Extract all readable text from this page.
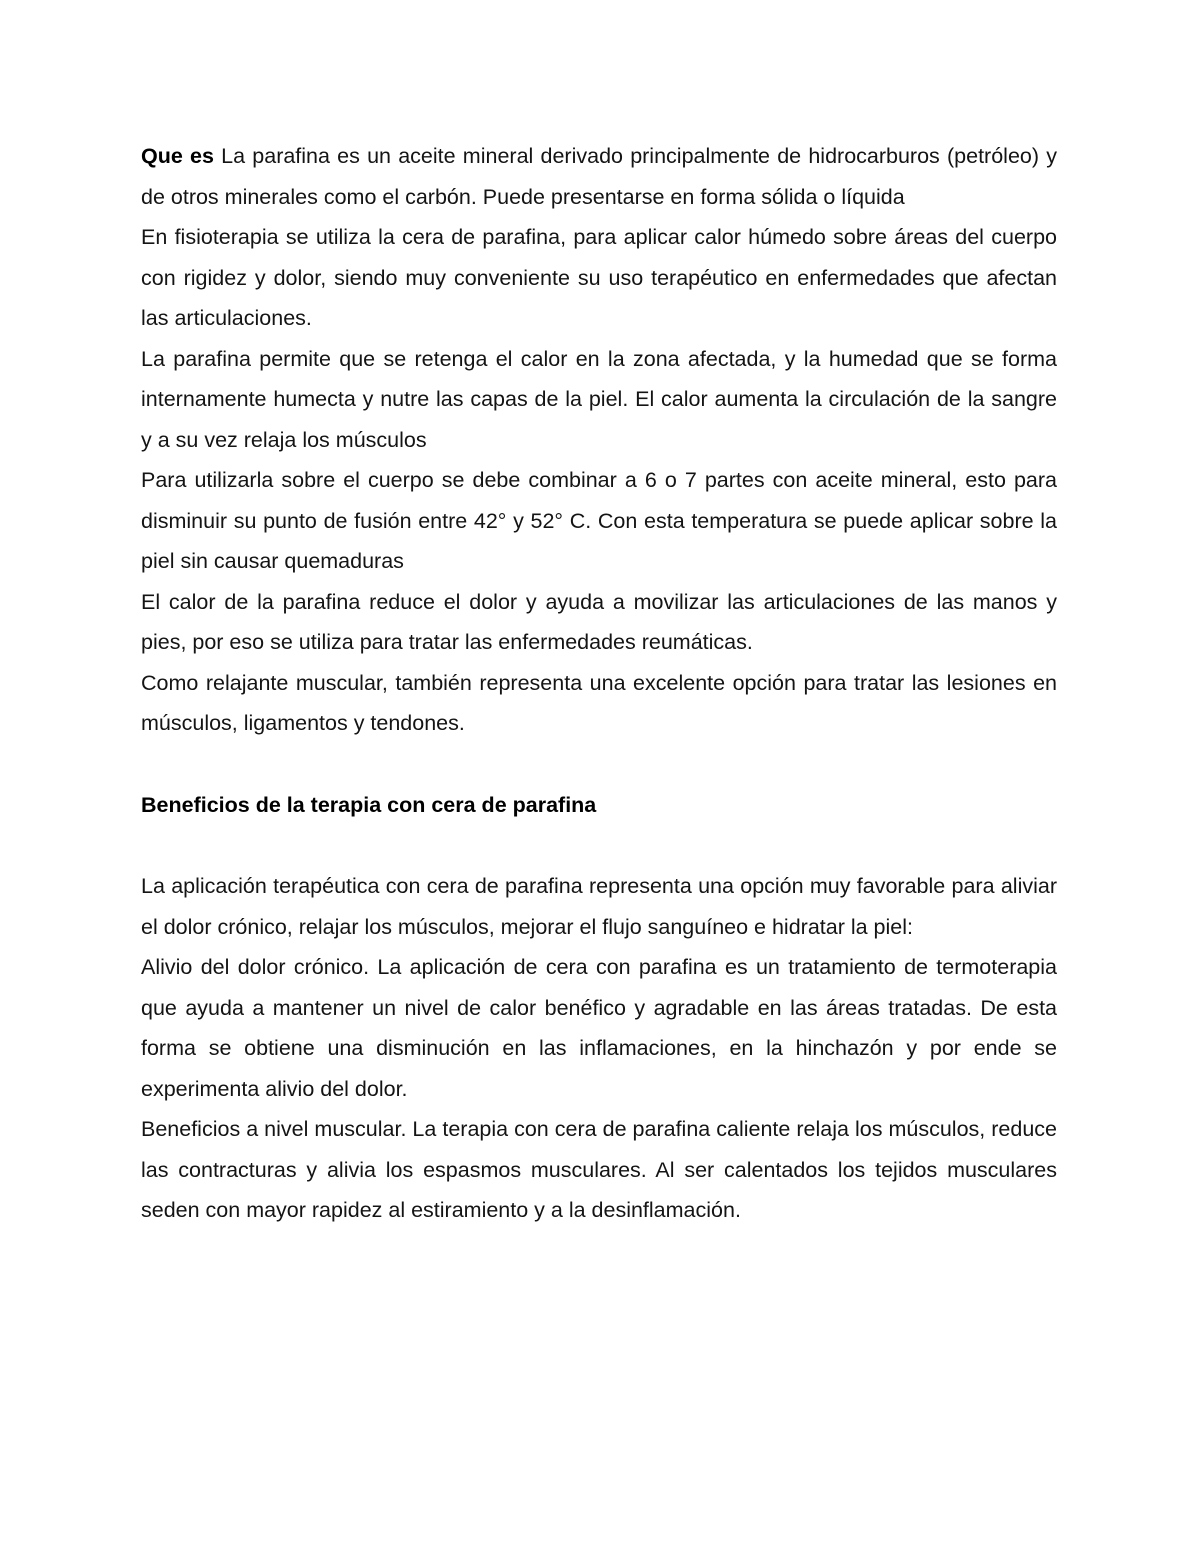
Que es La parafina es un aceite mineral derivado principalmente de hidrocarburos (petróleo) y de otros minerales como el carbón. Puede presentarse en forma sólida o líquida

En fisioterapia se utiliza la cera de parafina, para aplicar calor húmedo sobre áreas del cuerpo con rigidez y dolor, siendo muy conveniente su uso terapéutico en enfermedades que afectan las articulaciones.

La parafina permite que se retenga el calor en la zona afectada, y la humedad que se forma internamente humecta y nutre las capas de la piel. El calor aumenta la circulación de la sangre y a su vez relaja los músculos

Para utilizarla sobre el cuerpo se debe combinar a 6 o 7 partes con aceite mineral, esto para disminuir su punto de fusión entre 42° y 52° C. Con esta temperatura se puede aplicar sobre la piel sin causar quemaduras

El calor de la parafina reduce el dolor y ayuda a movilizar las articulaciones de las manos y pies, por eso se utiliza para tratar las enfermedades reumáticas.

Como relajante muscular, también representa una excelente opción para tratar las lesiones en músculos, ligamentos y tendones.

Beneficios de la terapia con cera de parafina

La aplicación terapéutica con cera de parafina representa una opción muy favorable para aliviar el dolor crónico, relajar los músculos, mejorar el flujo sanguíneo e hidratar la piel:

Alivio del dolor crónico. La aplicación de cera con parafina es un tratamiento de termoterapia que ayuda a mantener un nivel de calor benéfico y agradable en las áreas tratadas. De esta forma se obtiene una disminución en las inflamaciones, en la hinchazón y por ende se experimenta alivio del dolor.

Beneficios a nivel muscular. La terapia con cera de parafina caliente relaja los músculos, reduce las contracturas y alivia los espasmos musculares. Al ser calentados los tejidos musculares seden con mayor rapidez al estiramiento y a la desinflamación.
